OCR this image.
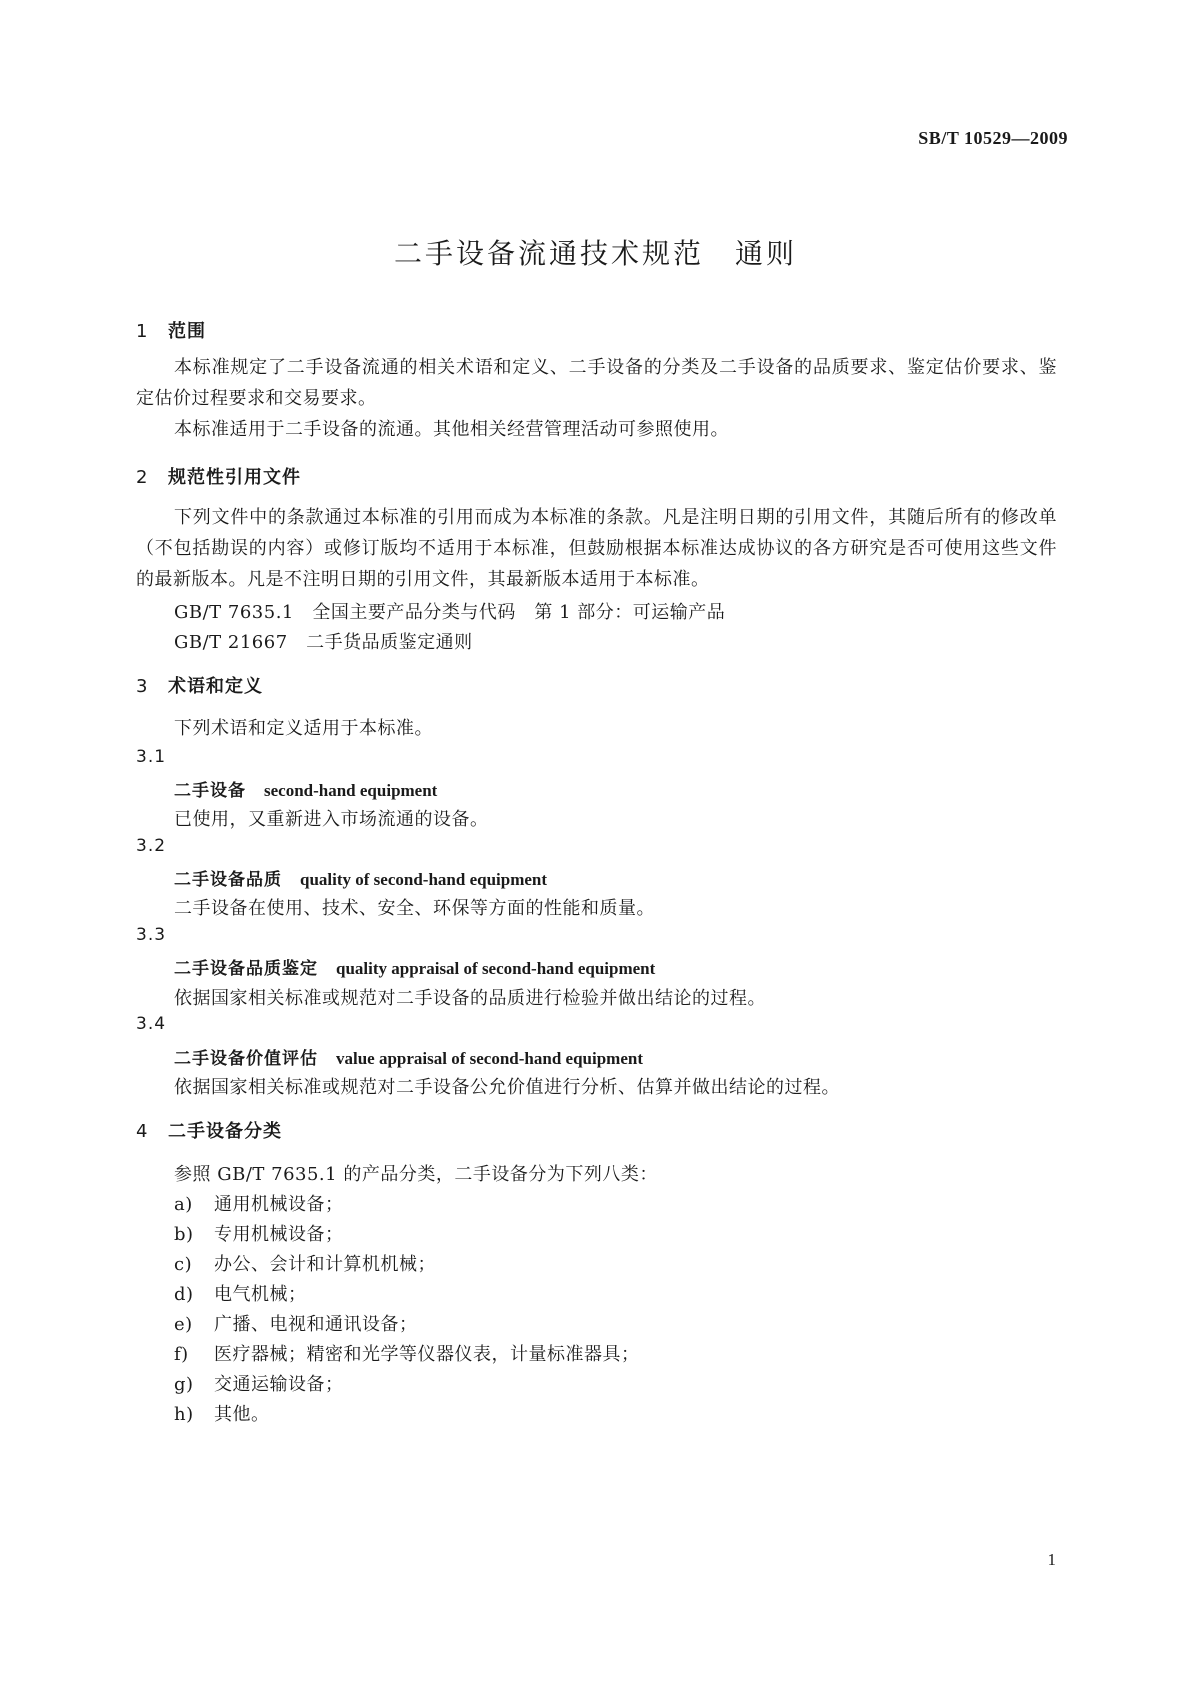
SB/T 10529—2009
二手设备流通技术规范　通则
1 范围
本标准规定了二手设备流通的相关术语和定义、二手设备的分类及二手设备的品质要求、鉴定估价要求、鉴定估价过程要求和交易要求。
本标准适用于二手设备的流通。其他相关经营管理活动可参照使用。
2 规范性引用文件
下列文件中的条款通过本标准的引用而成为本标准的条款。凡是注明日期的引用文件，其随后所有的修改单（不包括勘误的内容）或修订版均不适用于本标准，但鼓励根据本标准达成协议的各方研究是否可使用这些文件的最新版本。凡是不注明日期的引用文件，其最新版本适用于本标准。
GB/T 7635.1　全国主要产品分类与代码　第 1 部分：可运输产品
GB/T 21667　二手货品质鉴定通则
3 术语和定义
下列术语和定义适用于本标准。
3.1
二手设备 second-hand equipment
已使用，又重新进入市场流通的设备。
3.2
二手设备品质 quality of second-hand equipment
二手设备在使用、技术、安全、环保等方面的性能和质量。
3.3
二手设备品质鉴定 quality appraisal of second-hand equipment
依据国家相关标准或规范对二手设备的品质进行检验并做出结论的过程。
3.4
二手设备价值评估 value appraisal of second-hand equipment
依据国家相关标准或规范对二手设备公允价值进行分析、估算并做出结论的过程。
4 二手设备分类
参照 GB/T 7635.1 的产品分类，二手设备分为下列八类：
a) 通用机械设备；
b) 专用机械设备；
c) 办公、会计和计算机机械；
d) 电气机械；
e) 广播、电视和通讯设备；
f) 医疗器械；精密和光学等仪器仪表，计量标准器具；
g) 交通运输设备；
h) 其他。
1
